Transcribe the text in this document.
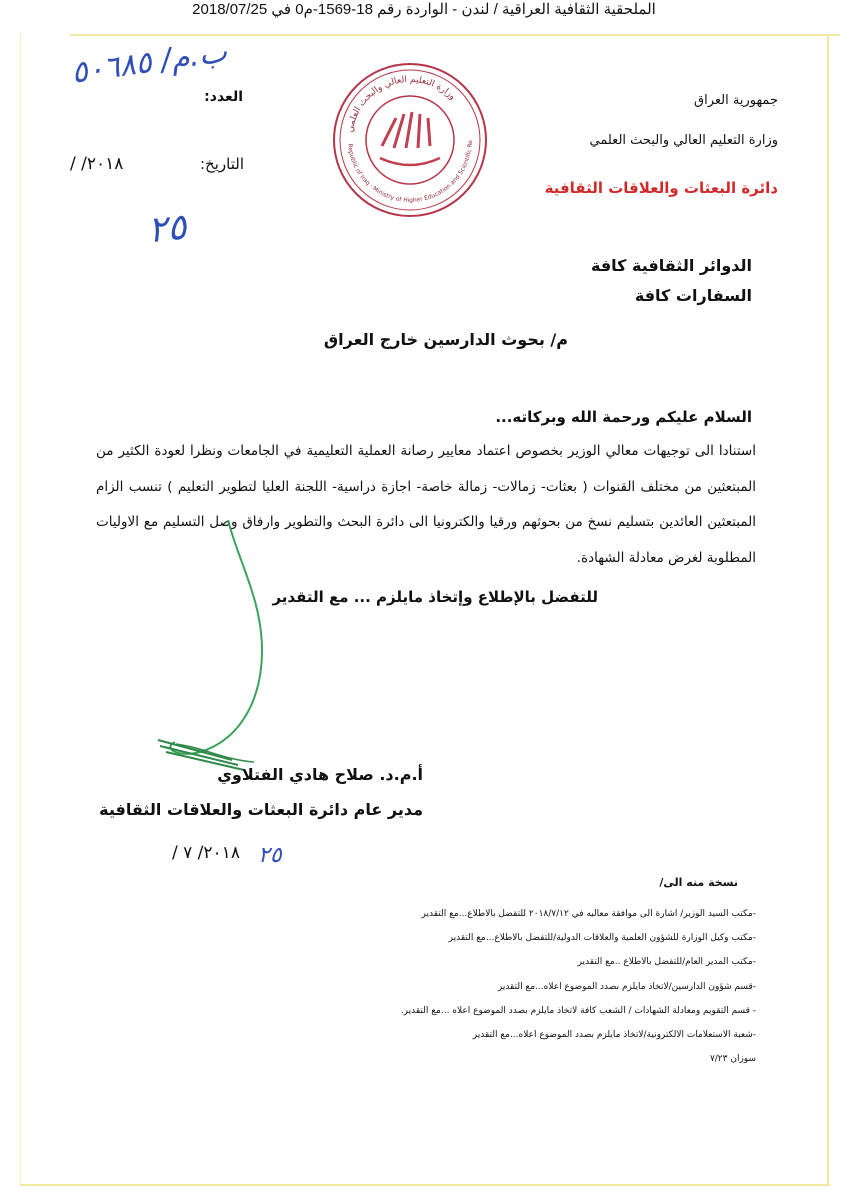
الملحقية الثقافية العراقية / لندن - الواردة رقم 18-1569-م0 في 2018/07/25
جمهورية العراق
وزارة التعليم العالي والبحث العلمي
دائرة البعثات والعلاقات الثقافية
وزارة التعليم العالي والبحث العلمي
Republic of Iraq · Ministry of Higher Education and Scientific Re
العدد:
التاريخ:
٢٠١٨/ /
ب.م/ ٥٠٦٨٥
٢٥
الدوائر الثقافية كافة
السفارات كافة
م/ بحوث الدارسين خارج العراق
السلام عليكم ورحمة الله وبركاته...
استنادا الى توجيهات معالي الوزير بخصوص اعتماد معايير رصانة العملية التعليمية في الجامعات ونظرا لعودة الكثير من المبتعثين من مختلف القنوات ( بعثات- زمالات- زمالة خاصة- اجازة دراسية- اللجنة العليا لتطوير التعليم ) تنسب الزام المبتعثين العائدين بتسليم نسخ من بحوثهم ورقيا والكترونيا الى دائرة البحث والتطوير وارفاق وصل التسليم مع الاوليات المطلوبة لغرض معادلة الشهادة.
للتفضل بالإطلاع وإتخاذ مايلزم ... مع التقدير
أ.م.د. صلاح هادي الفتلاوي
مدير عام دائرة البعثات والعلاقات الثقافية
٢٠١٨/ ٧ / ٢٥
نسخة منه الى/
-مكتب السيد الوزير/ اشارة الى موافقة معاليه في ٢٠١٨/٧/١٢ للتفضل بالاطلاع...مع التقدير
-مكتب وكيل الوزارة للشؤون العلمية والعلاقات الدولية/للتفضل بالاطلاع...مع التقدير
-مكتب المدير العام/للتفضل بالاطلاع ..مع التقدير
-قسم شؤون الدارسين/لاتخاذ مايلزم بصدد الموضوع اعلاه...مع التقدير
- قسم التقويم ومعادلة الشهادات / الشعب كافة لاتخاذ مايلزم بصدد الموضوع اعلاه ...مع التقدير.
-شعبة الاستعلامات الالكترونية/لاتخاذ مايلزم بصدد الموضوع اعلاه...مع التقدير
سوزان ٧/٢٣
